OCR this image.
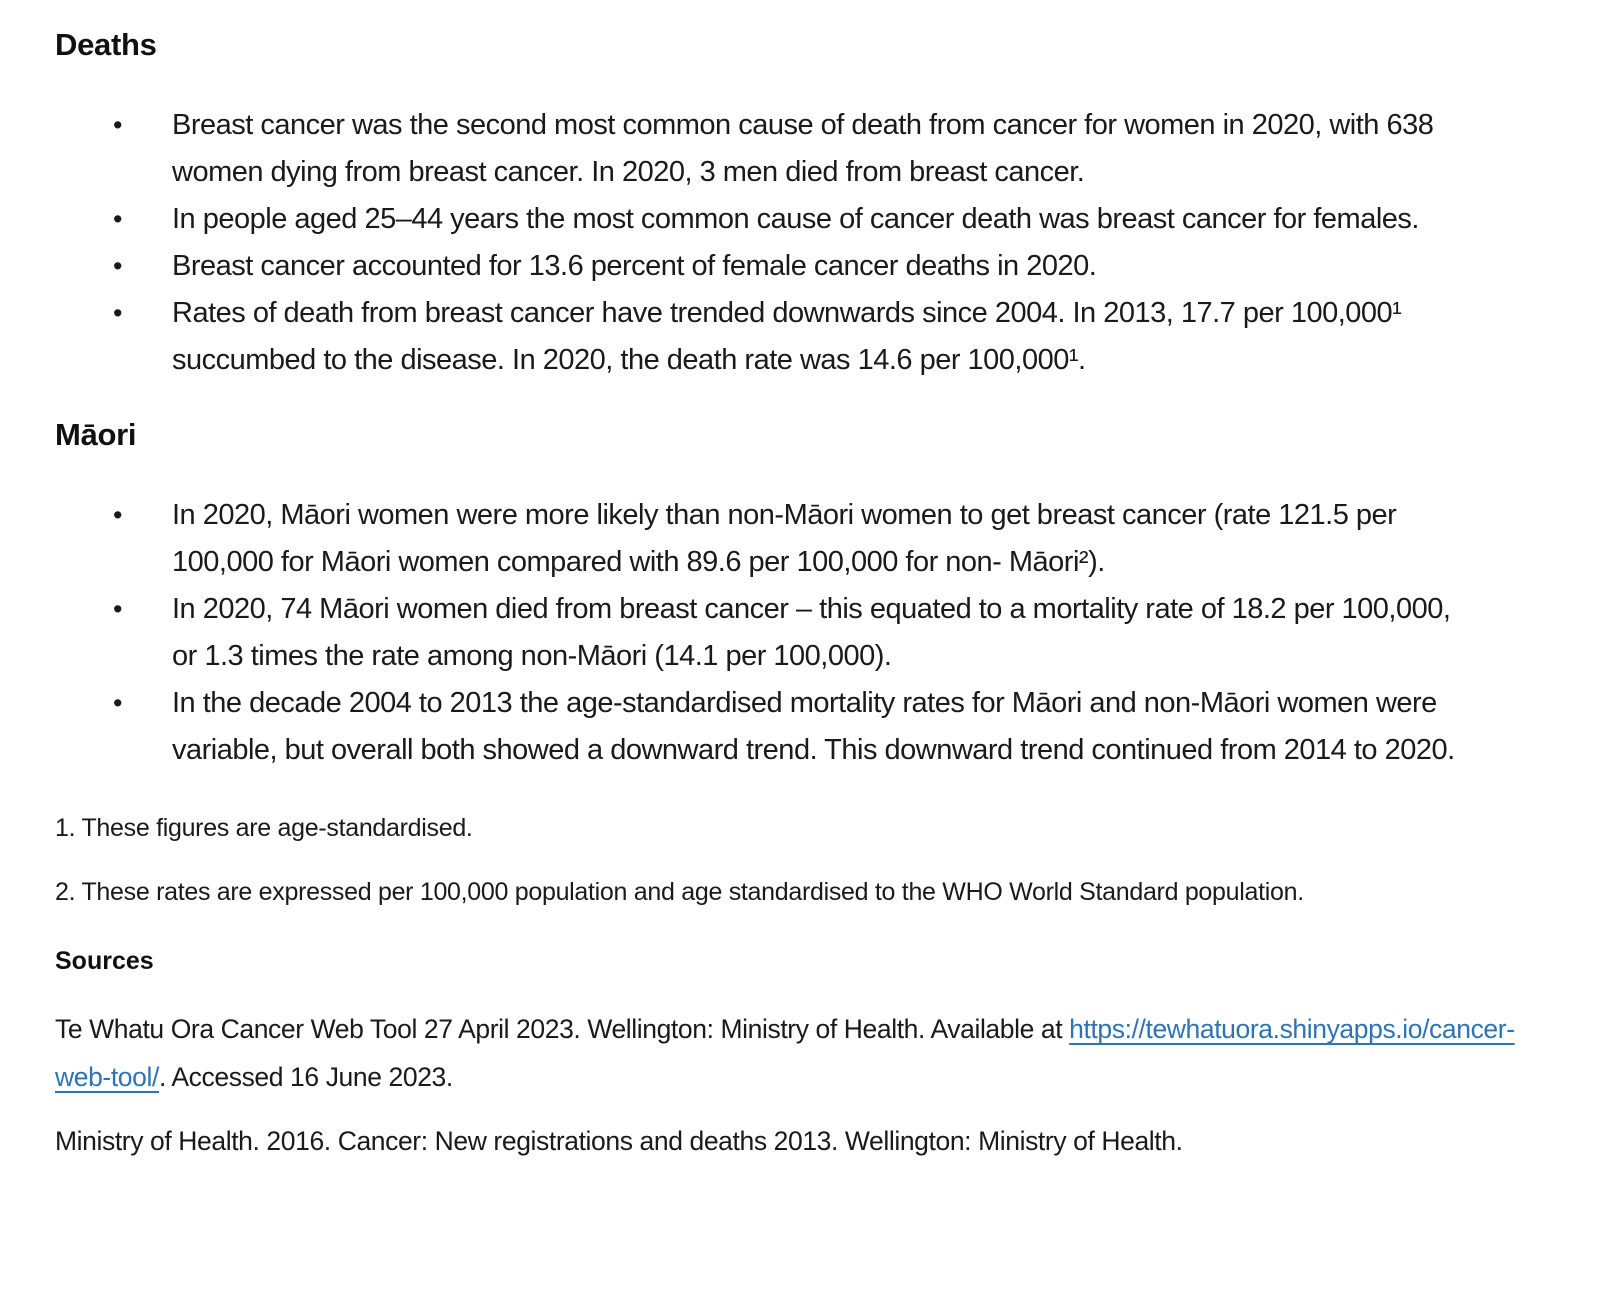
Deaths
• Breast cancer was the second most common cause of death from cancer for women in 2020, with 638 women dying from breast cancer. In 2020, 3 men died from breast cancer.
• In people aged 25–44 years the most common cause of cancer death was breast cancer for females.
• Breast cancer accounted for 13.6 percent of female cancer deaths in 2020.
• Rates of death from breast cancer have trended downwards since 2004. In 2013, 17.7 per 100,000¹ succumbed to the disease. In 2020, the death rate was 14.6 per 100,000¹.
Māori
• In 2020, Māori women were more likely than non-Māori women to get breast cancer (rate 121.5 per 100,000 for Māori women compared with 89.6 per 100,000 for non- Māori²).
• In 2020, 74 Māori women died from breast cancer – this equated to a mortality rate of 18.2 per 100,000, or 1.3 times the rate among non-Māori (14.1 per 100,000).
• In the decade 2004 to 2013 the age-standardised mortality rates for Māori and non-Māori women were variable, but overall both showed a downward trend. This downward trend continued from 2014 to 2020.

1. These figures are age-standardised.

2. These rates are expressed per 100,000 population and age standardised to the WHO World Standard population.

Sources

Te Whatu Ora Cancer Web Tool 27 April 2023. Wellington: Ministry of Health. Available at https://tewhatuora.shinyapps.io/cancer-web-tool/. Accessed 16 June 2023.

Ministry of Health. 2016. Cancer: New registrations and deaths 2013. Wellington: Ministry of Health.
